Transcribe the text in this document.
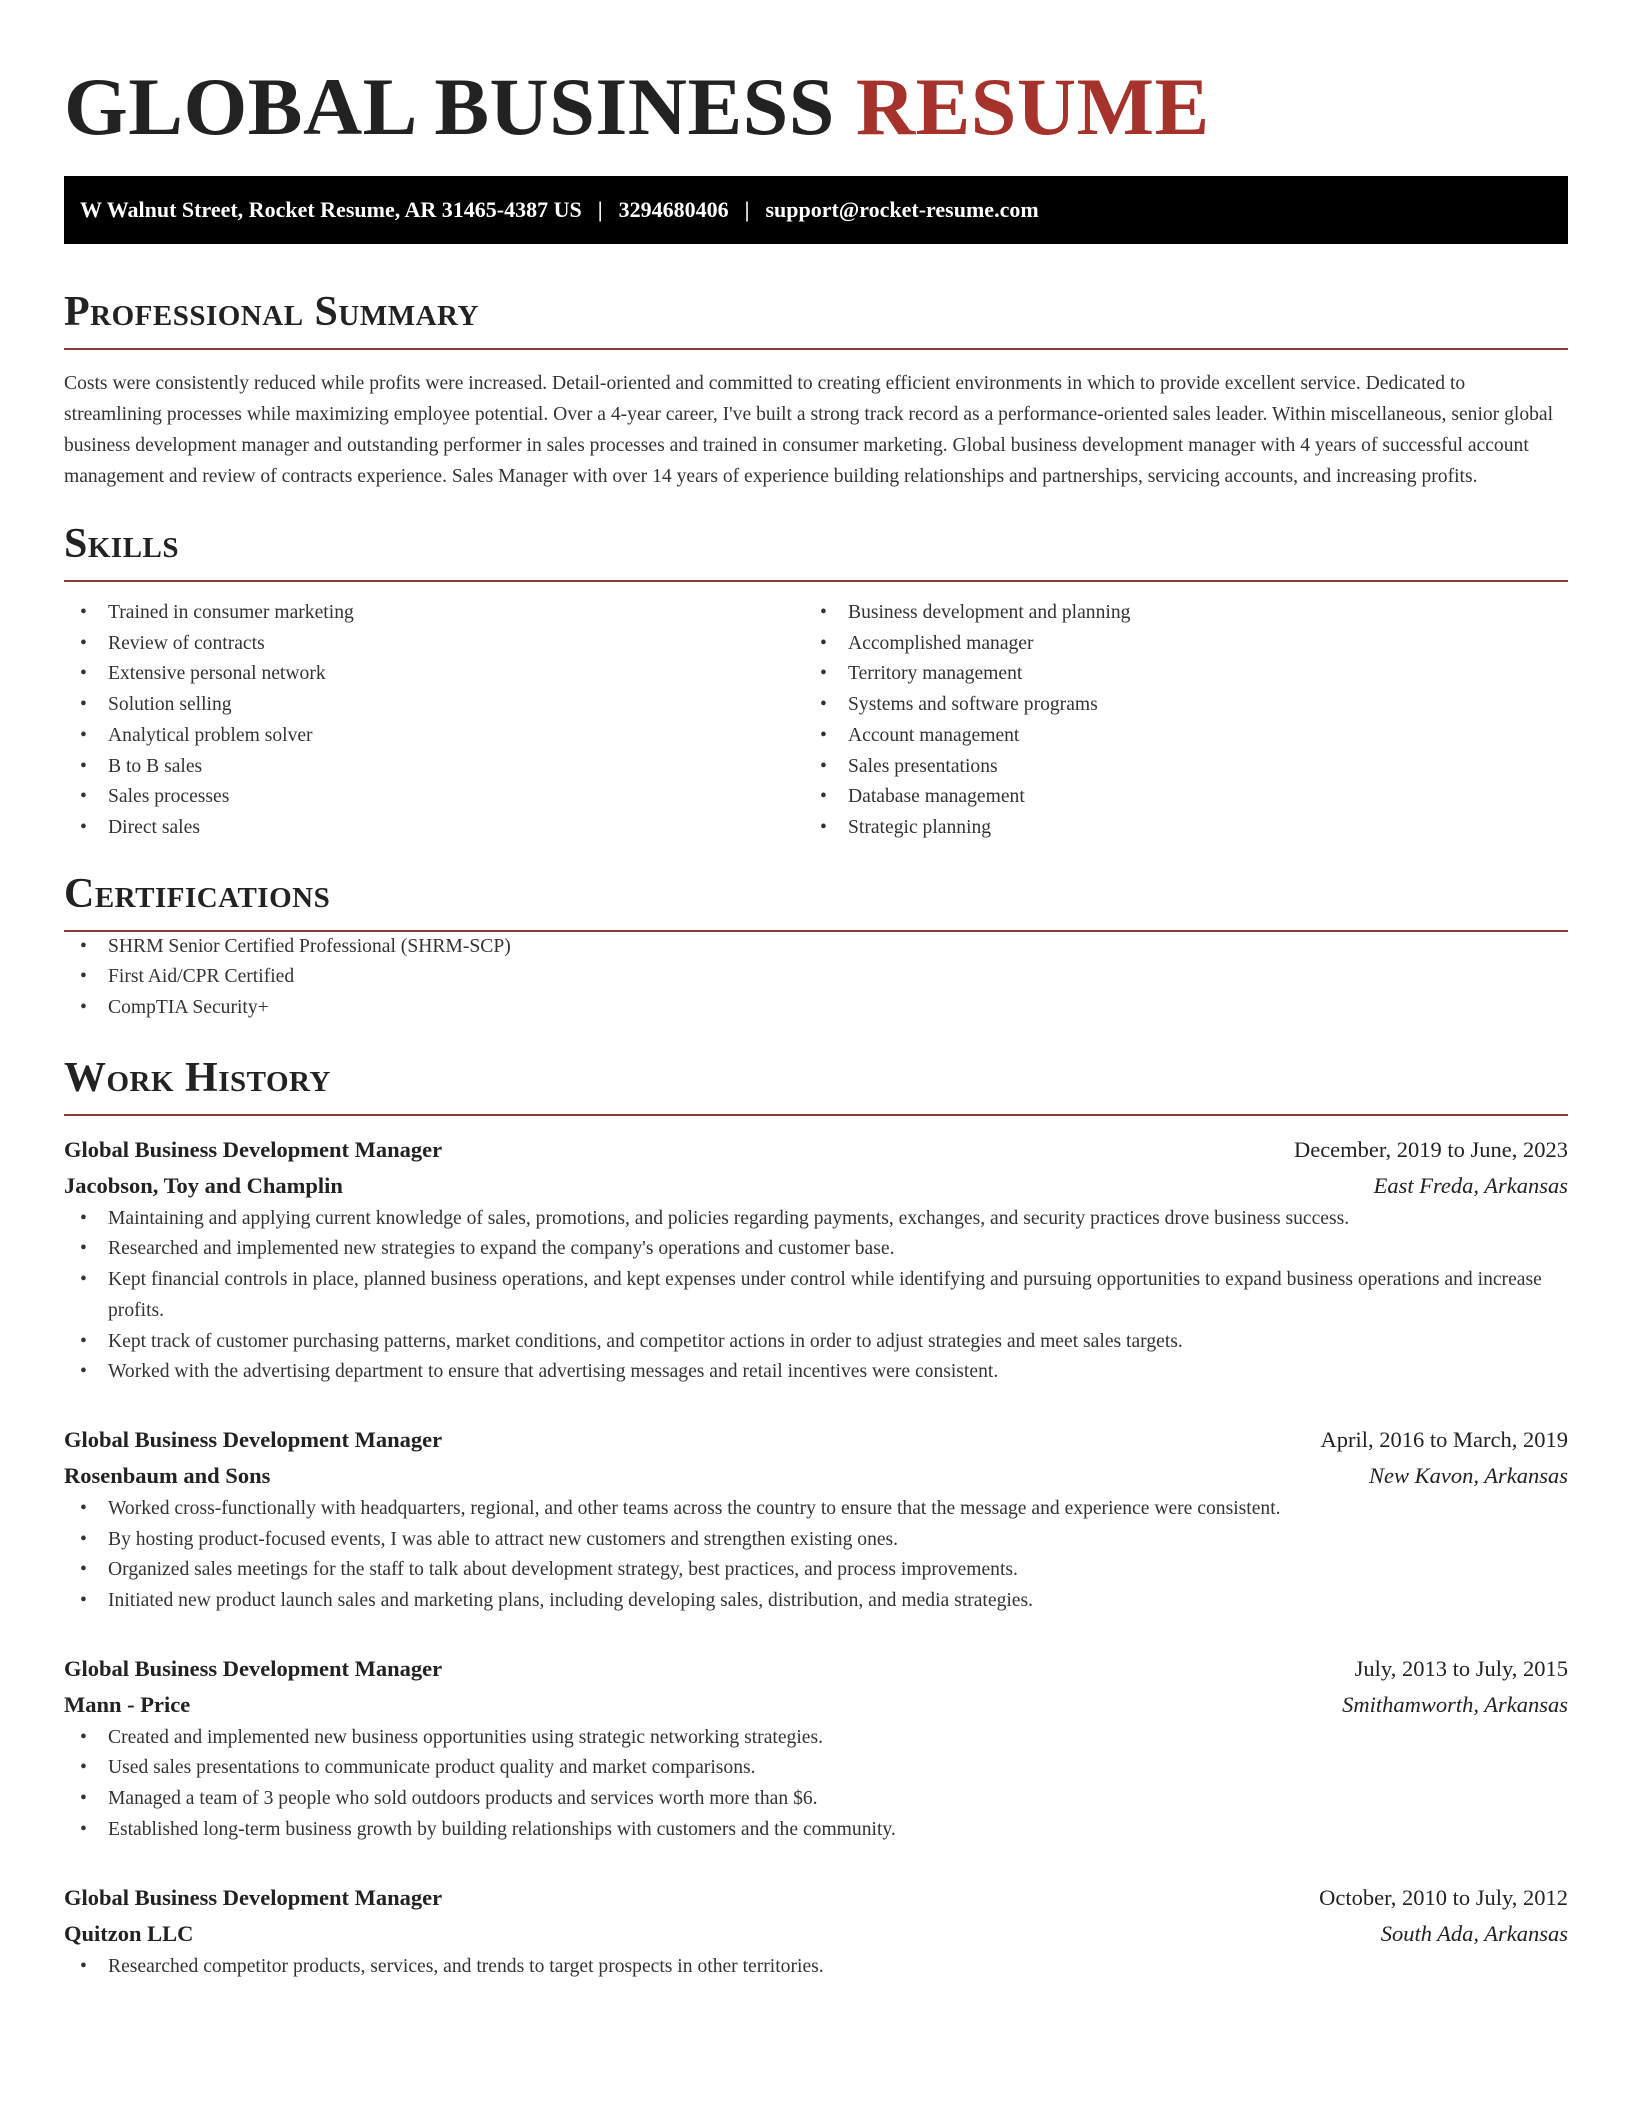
GLOBAL BUSINESS RESUME
W Walnut Street, Rocket Resume, AR 31465-4387 US | 3294680406 | support@rocket-resume.com
Professional Summary

Costs were consistently reduced while profits were increased. Detail-oriented and committed to creating efficient environments in which to provide excellent service. Dedicated to streamlining processes while maximizing employee potential. Over a 4-year career, I've built a strong track record as a performance-oriented sales leader. Within miscellaneous, senior global business development manager and outstanding performer in sales processes and trained in consumer marketing. Global business development manager with 4 years of successful account management and review of contracts experience. Sales Manager with over 14 years of experience building relationships and partnerships, servicing accounts, and increasing profits.

Skills
• Trained in consumer marketing
• Review of contracts
• Extensive personal network
• Solution selling
• Analytical problem solver
• B to B sales
• Sales processes
• Direct sales
• Business development and planning
• Accomplished manager
• Territory management
• Systems and software programs
• Account management
• Sales presentations
• Database management
• Strategic planning
Certifications
• SHRM Senior Certified Professional (SHRM-SCP)
• First Aid/CPR Certified
• CompTIA Security+
Work History
Global Business Development Manager	December, 2019 to June, 2023
Jacobson, Toy and Champlin	East Freda, Arkansas
• Maintaining and applying current knowledge of sales, promotions, and policies regarding payments, exchanges, and security practices drove business success.
• Researched and implemented new strategies to expand the company's operations and customer base.
• Kept financial controls in place, planned business operations, and kept expenses under control while identifying and pursuing opportunities to expand business operations and increase profits.
• Kept track of customer purchasing patterns, market conditions, and competitor actions in order to adjust strategies and meet sales targets.
• Worked with the advertising department to ensure that advertising messages and retail incentives were consistent.
Global Business Development Manager	April, 2016 to March, 2019
Rosenbaum and Sons	New Kavon, Arkansas
• Worked cross-functionally with headquarters, regional, and other teams across the country to ensure that the message and experience were consistent.
• By hosting product-focused events, I was able to attract new customers and strengthen existing ones.
• Organized sales meetings for the staff to talk about development strategy, best practices, and process improvements.
• Initiated new product launch sales and marketing plans, including developing sales, distribution, and media strategies.
Global Business Development Manager	July, 2013 to July, 2015
Mann - Price	Smithamworth, Arkansas
• Created and implemented new business opportunities using strategic networking strategies.
• Used sales presentations to communicate product quality and market comparisons.
• Managed a team of 3 people who sold outdoors products and services worth more than $6.
• Established long-term business growth by building relationships with customers and the community.
Global Business Development Manager	October, 2010 to July, 2012
Quitzon LLC	South Ada, Arkansas
• Researched competitor products, services, and trends to target prospects in other territories.
